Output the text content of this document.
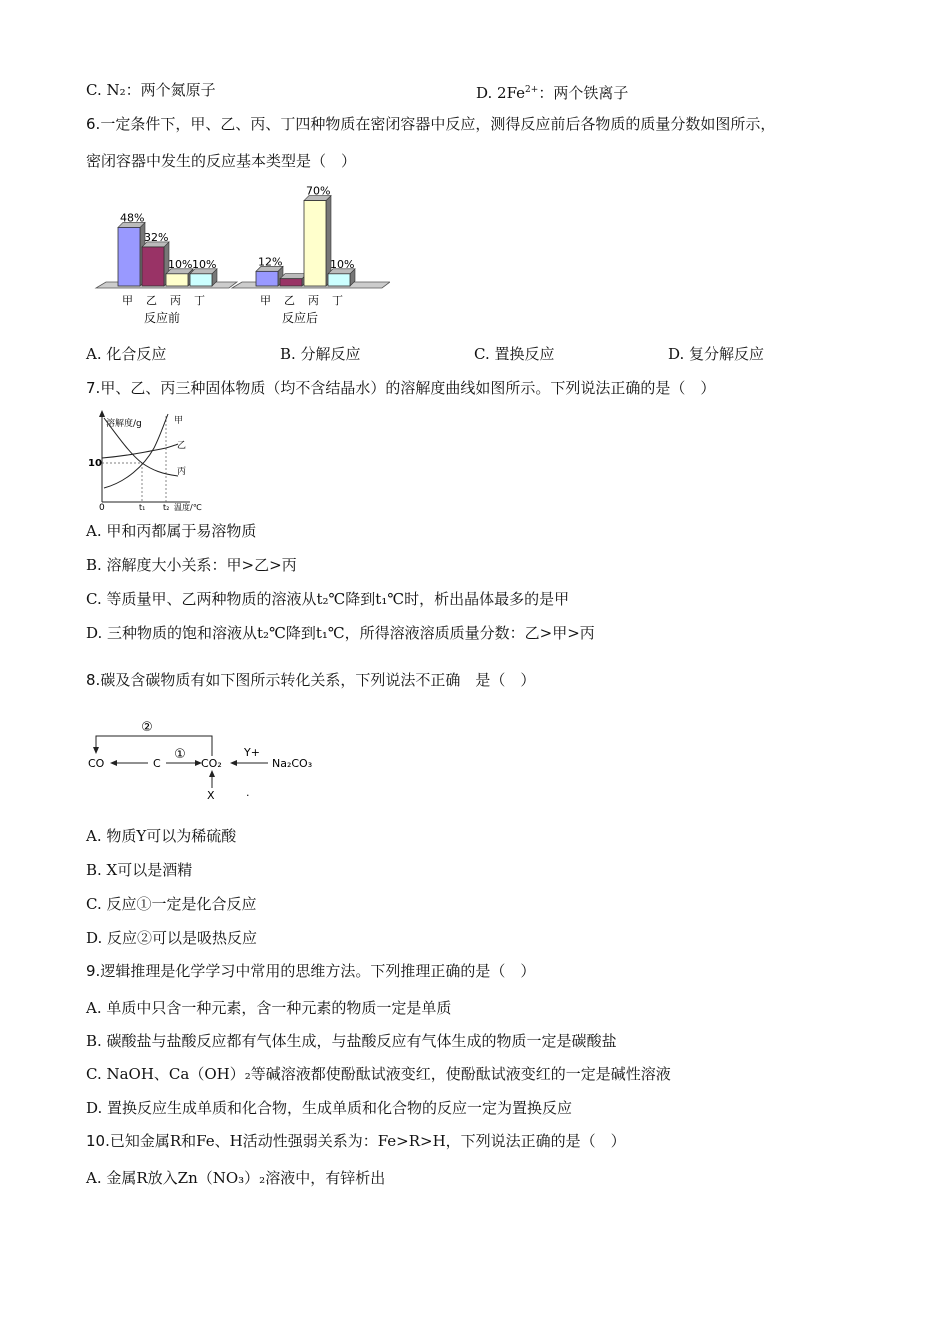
C. N₂：两个氮原子	D. $2Fe^{2+}$：两个铁离子
6.一定条件下，甲、乙、丙、丁四种物质在密闭容器中反应，测得反应前后各物质的质量分数如图所示，
密闭容器中发生的反应基本类型是（　）
48%
32%
10% 10%	12%
70%
10%
甲 乙 丙 丁	甲 乙 丙 丁
反应前	反应后
A. 化合反应	B. 分解反应	C. 置换反应	D. 复分解反应
7.甲、乙、丙三种固体物质（均不含结晶水）的溶解度曲线如图所示。下列说法正确的是（　）
溶解度/g
10
甲
乙
丙
0	t₁ t₂ 温度/℃
A. 甲和丙都属于易溶物质
B. 溶解度大小关系：甲>乙>丙
C. 等质量甲、乙两种物质的溶液从t₂℃降到t₁℃时，析出晶体最多的是甲
D. 三种物质的饱和溶液从t₂℃降到t₁℃，所得溶液溶质质量分数：乙>甲>丙
8.碳及含碳物质有如下图所示转化关系，下列说法不正确　是（　）
②
CO	C
①
CO₂
Y+
Na₂CO₃
X	.
A. 物质Y可以为稀硫酸
B. X可以是酒精
C. 反应①一定是化合反应
D. 反应②可以是吸热反应
9.逻辑推理是化学学习中常用的思维方法。下列推理正确的是（　）
A. 单质中只含一种元素，含一种元素的物质一定是单质
B. 碳酸盐与盐酸反应都有气体生成，与盐酸反应有气体生成的物质一定是碳酸盐
C. NaOH、Ca（OH）₂等碱溶液都使酚酞试液变红，使酚酞试液变红的一定是碱性溶液
D. 置换反应生成单质和化合物，生成单质和化合物的反应一定为置换反应
10.已知金属R和Fe、H活动性强弱关系为：Fe>R>H，下列说法正确的是（　）
A. 金属R放入Zn（NO₃）₂溶液中，有锌析出
